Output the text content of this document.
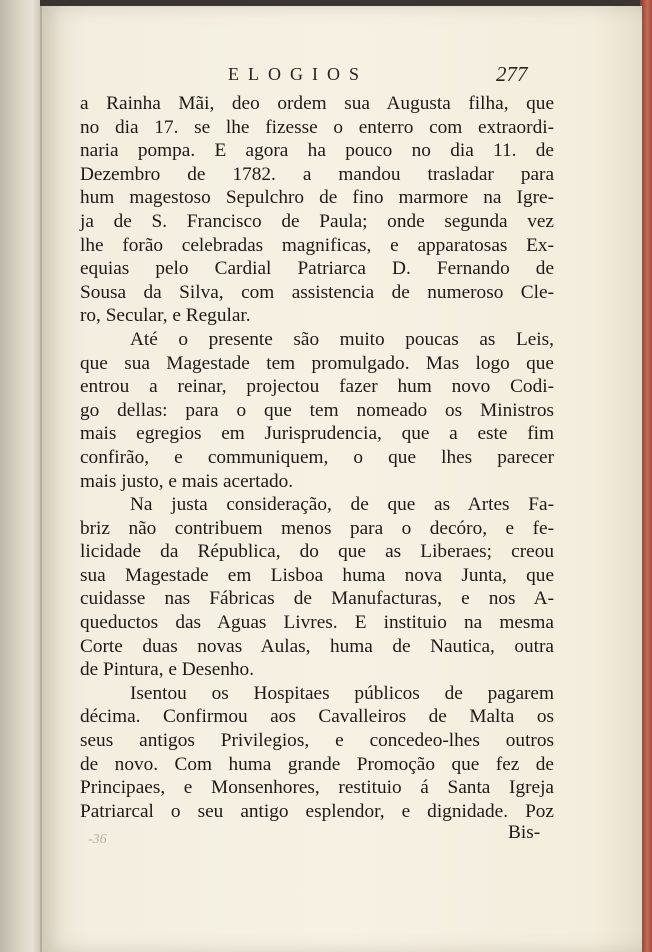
ELOGIOS	277
a Rainha Mãi, deo ordem sua Augusta filha, que
no dia 17. se lhe fizesse o enterro com extraordi-
naria pompa. E agora ha pouco no dia 11. de
Dezembro de 1782. a mandou trasladar para
hum magestoso Sepulchro de fino marmore na Igre-
ja de S. Francisco de Paula; onde segunda vez
lhe forão celebradas magnificas, e apparatosas Ex-
equias pelo Cardial Patriarca D. Fernando de
Sousa da Silva, com assistencia de numeroso Cle-
ro, Secular, e Regular.
Até o presente são muito poucas as Leis,
que sua Magestade tem promulgado. Mas logo que
entrou a reinar, projectou fazer hum novo Codi-
go dellas: para o que tem nomeado os Ministros
mais egregios em Jurisprudencia, que a este fim
confirão, e communiquem, o que lhes parecer
mais justo, e mais acertado.
Na justa consideração, de que as Artes Fa-
briz não contribuem menos para o decóro, e fe-
licidade da Républica, do que as Liberaes; creou
sua Magestade em Lisboa huma nova Junta, que
cuidasse nas Fábricas de Manufacturas, e nos A-
queductos das Aguas Livres. E instituio na mesma
Corte duas novas Aulas, huma de Nautica, outra
de Pintura, e Desenho.
Isentou os Hospitaes públicos de pagarem
décima. Confirmou aos Cavalleiros de Malta os
seus antigos Privilegios, e concedeo-lhes outros
de novo. Com huma grande Promoção que fez de
Principaes, e Monsenhores, restituio á Santa Igreja
Patriarcal o seu antigo esplendor, e dignidade. Poz
Bis-
-36
